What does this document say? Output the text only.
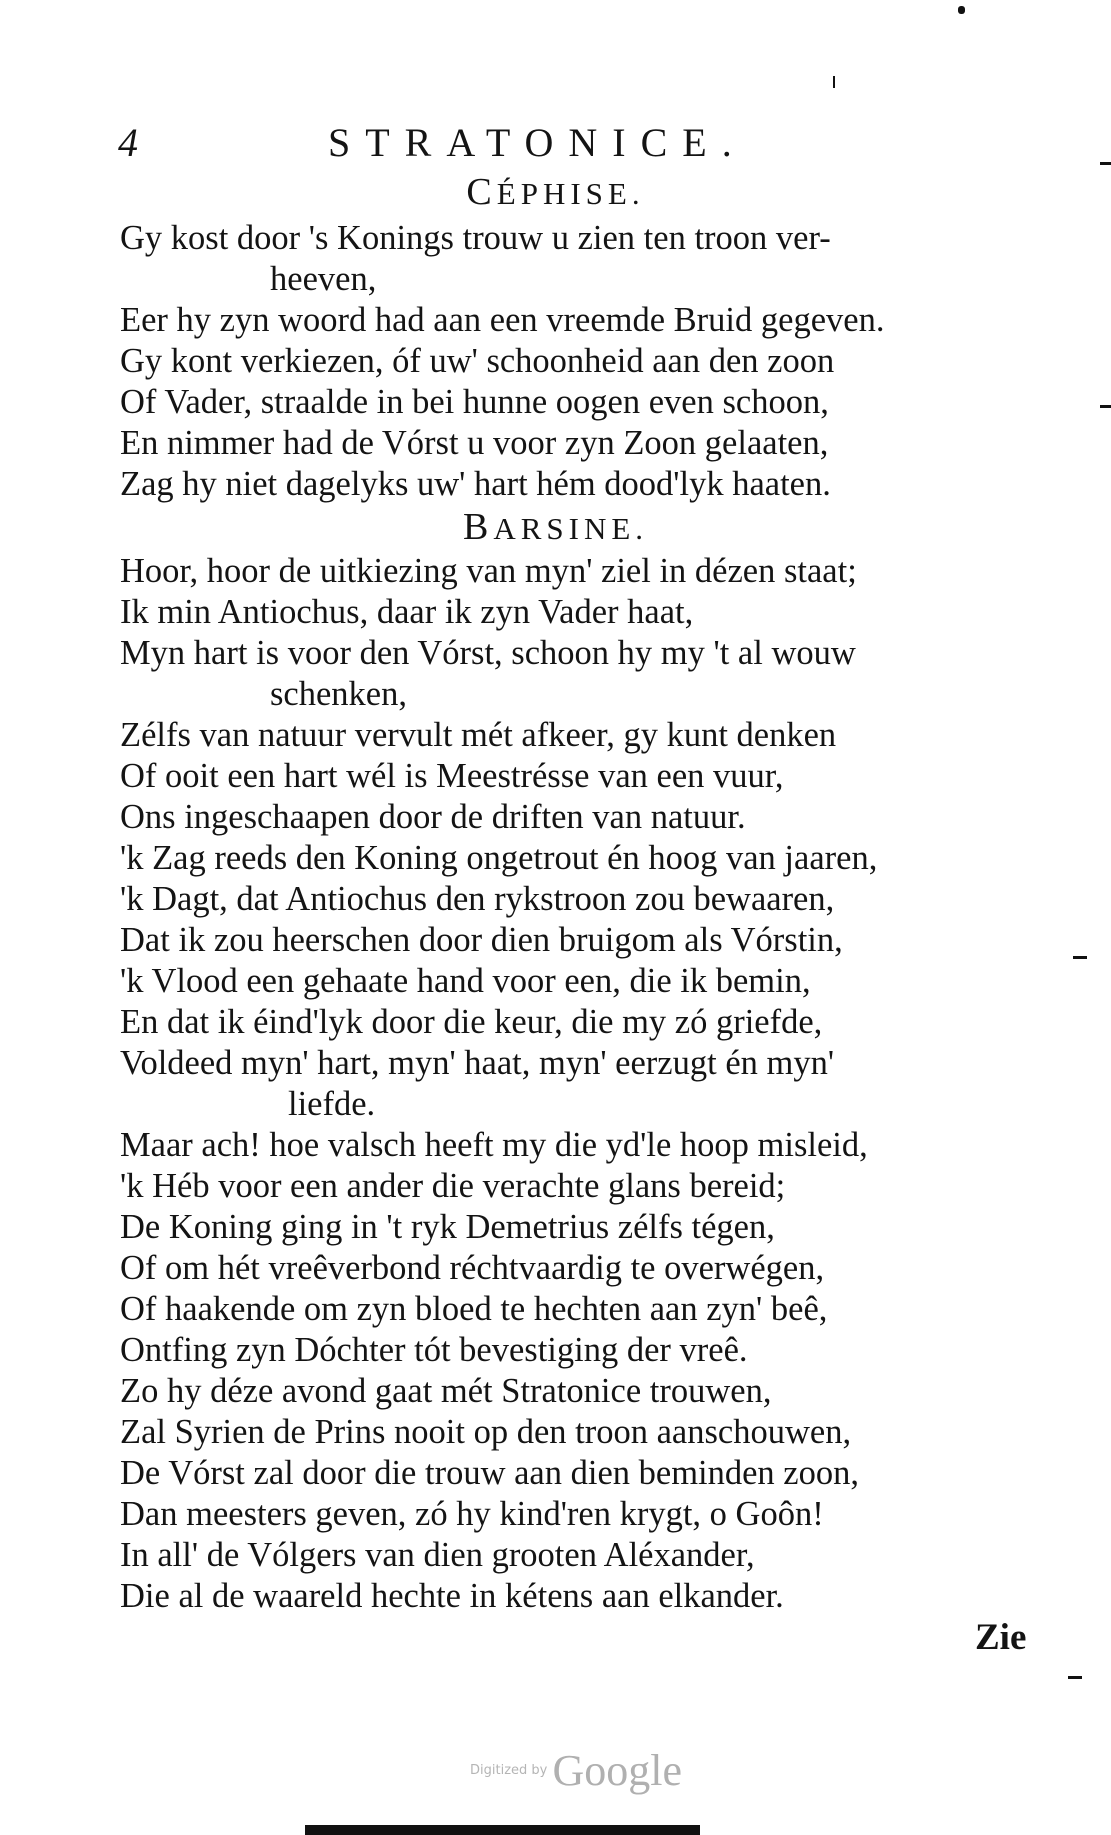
4	STRATONICE.
CÉPHISE.
Gy kost door 's Konings trouw u zien ten troon ver-
heeven,
Eer hy zyn woord had aan een vreemde Bruid gegeven.
Gy kont verkiezen, óf uw' schoonheid aan den zoon
Of Vader, straalde in bei hunne oogen even schoon,
En nimmer had de Vórst u voor zyn Zoon gelaaten,
Zag hy niet dagelyks uw' hart hém dood'lyk haaten.
BARSINE.
Hoor, hoor de uitkiezing van myn' ziel in dézen staat;
Ik min Antiochus, daar ik zyn Vader haat,
Myn hart is voor den Vórst, schoon hy my 't al wouw
schenken,
Zélfs van natuur vervult mét afkeer, gy kunt denken
Of ooit een hart wél is Meestrésse van een vuur,
Ons ingeschaapen door de driften van natuur.
'k Zag reeds den Koning ongetrout én hoog van jaaren,
'k Dagt, dat Antiochus den rykstroon zou bewaaren,
Dat ik zou heerschen door dien bruigom als Vórstin,
'k Vlood een gehaate hand voor een, die ik bemin,
En dat ik éind'lyk door die keur, die my zó griefde,
Voldeed myn' hart, myn' haat, myn' eerzugt én myn'
liefde.
Maar ach! hoe valsch heeft my die yd'le hoop misleid,
'k Héb voor een ander die verachte glans bereid;
De Koning ging in 't ryk Demetrius zélfs tégen,
Of om hét vreêverbond réchtvaardig te overwégen,
Of haakende om zyn bloed te hechten aan zyn' beê,
Ontfing zyn Dóchter tót bevestiging der vreê.
Zo hy déze avond gaat mét Stratonice trouwen,
Zal Syrien de Prins nooit op den troon aanschouwen,
De Vórst zal door die trouw aan dien beminden zoon,
Dan meesters geven, zó hy kind'ren krygt, o Goôn!
In all' de Vólgers van dien grooten Aléxander,
Die al de waareld hechte in kétens aan elkander.
Zie
Digitized by Google
